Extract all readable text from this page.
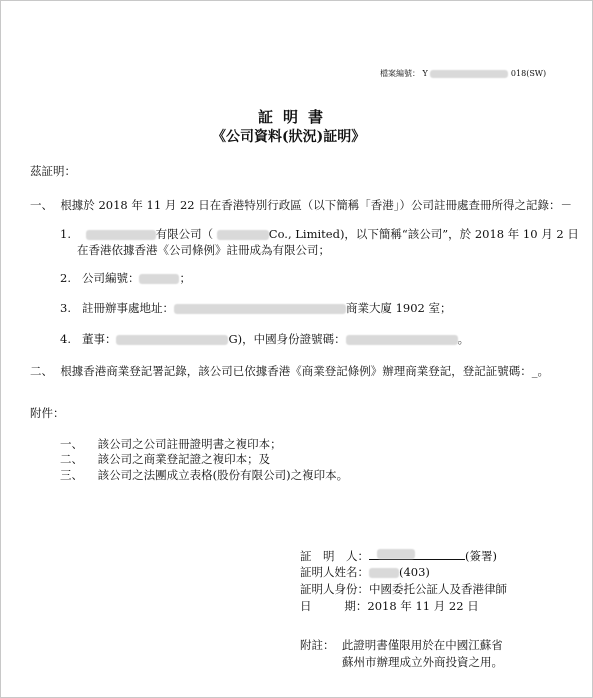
檔案編號： Y	018(SW)
証明書
《公司資料(狀況)証明》
茲証明：
一、 根據於 2018 年 11 月 22 日在香港特別行政區（以下簡稱「香港」）公司註冊處查冊所得之記錄：－
1.	有限公司（	Co., Limited)，以下簡稱“該公司”，於 2018 年 10 月 2 日
在香港依據香港《公司條例》註冊成為有限公司；
2. 公司編號：	；
3. 註冊辦事處地址：	商業大廈 1902 室；
4. 董事：	G)，中國身份證號碼：	。
二、 根據香港商業登記署記錄，該公司已依據香港《商業登記條例》辦理商業登記，登記証號碼：_。
附件：
一、 該公司之公司註冊證明書之複印本；
二、 該公司之商業登記證之複印本；及
三、 該公司之法團成立表格(股份有限公司)之複印本。
証　明　人：	(簽署)
証明人姓名：	(403)
証明人身份：中國委托公証人及香港律師
日	期：2018 年 11 月 22 日
附註： 此證明書僅限用於在中國江蘇省
蘇州市辦理成立外商投資之用。
